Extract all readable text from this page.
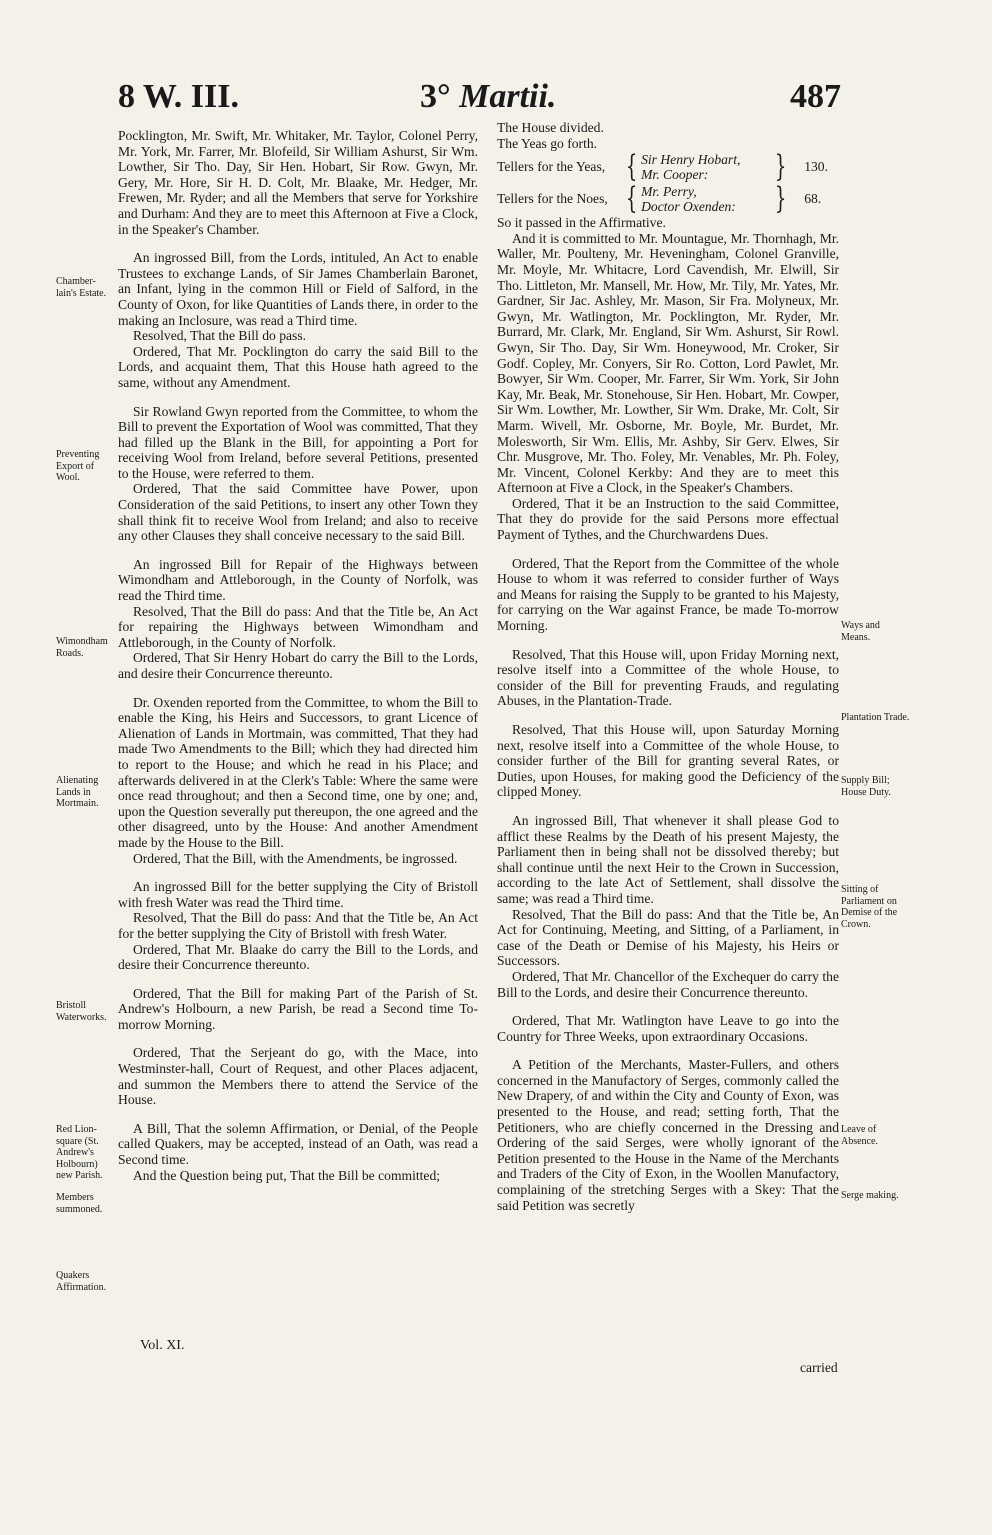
8 W. III.	3° Martii.	487
Chamber-lain's Estate.
Preventing Export of Wool.
Wimondham Roads.
Alienating Lands in Mortmain.
Bristoll Waterworks.
Red Lion-square (St. Andrew's Holbourn) new Parish.
Members summoned.
Quakers Affirmation.
Ways and Means.
Plantation Trade.
Supply Bill; House Duty.
Sitting of Parliament on Demise of the Crown.
Leave of Absence.
Serge making.

Pocklington, Mr. Swift, Mr. Whitaker, Mr. Taylor, Colonel Perry, Mr. York, Mr. Farrer, Mr. Blofeild, Sir William Ashurst, Sir Wm. Lowther, Sir Tho. Day, Sir Hen. Hobart, Sir Row. Gwyn, Mr. Gery, Mr. Hore, Sir H. D. Colt, Mr. Blaake, Mr. Hedger, Mr. Frewen, Mr. Ryder; and all the Members that serve for Yorkshire and Durham: And they are to meet this Afternoon at Five a Clock, in the Speaker's Chamber.

An ingrossed Bill, from the Lords, intituled, An Act to enable Trustees to exchange Lands, of Sir James Chamberlain Baronet, an Infant, lying in the common Hill or Field of Salford, in the County of Oxon, for like Quantities of Lands there, in order to the making an Inclosure, was read a Third time.

Resolved, That the Bill do pass.

Ordered, That Mr. Pocklington do carry the said Bill to the Lords, and acquaint them, That this House hath agreed to the same, without any Amendment.

Sir Rowland Gwyn reported from the Committee, to whom the Bill to prevent the Exportation of Wool was committed, That they had filled up the Blank in the Bill, for appointing a Port for receiving Wool from Ireland, before several Petitions, presented to the House, were referred to them.

Ordered, That the said Committee have Power, upon Consideration of the said Petitions, to insert any other Town they shall think fit to receive Wool from Ireland; and also to receive any other Clauses they shall conceive necessary to the said Bill.

An ingrossed Bill for Repair of the Highways between Wimondham and Attleborough, in the County of Norfolk, was read the Third time.

Resolved, That the Bill do pass: And that the Title be, An Act for repairing the Highways between Wimondham and Attleborough, in the County of Norfolk.

Ordered, That Sir Henry Hobart do carry the Bill to the Lords, and desire their Concurrence thereunto.

Dr. Oxenden reported from the Committee, to whom the Bill to enable the King, his Heirs and Successors, to grant Licence of Alienation of Lands in Mortmain, was committed, That they had made Two Amendments to the Bill; which they had directed him to report to the House; and which he read in his Place; and afterwards delivered in at the Clerk's Table: Where the same were once read throughout; and then a Second time, one by one; and, upon the Question severally put thereupon, the one agreed and the other disagreed, unto by the House: And another Amendment made by the House to the Bill.

Ordered, That the Bill, with the Amendments, be ingrossed.

An ingrossed Bill for the better supplying the City of Bristoll with fresh Water was read the Third time.

Resolved, That the Bill do pass: And that the Title be, An Act for the better supplying the City of Bristoll with fresh Water.

Ordered, That Mr. Blaake do carry the Bill to the Lords, and desire their Concurrence thereunto.

Ordered, That the Bill for making Part of the Parish of St. Andrew's Holbourn, a new Parish, be read a Second time To-morrow Morning.

Ordered, That the Serjeant do go, with the Mace, into Westminster-hall, Court of Request, and other Places adjacent, and summon the Members there to attend the Service of the House.

A Bill, That the solemn Affirmation, or Denial, of the People called Quakers, may be accepted, instead of an Oath, was read a Second time.

And the Question being put, That the Bill be committed;

The House divided.

The Yeas go forth.

Tellers for the Yeas, { Sir Henry Hobart,
Mr. Cooper:	} 130.
Tellers for the Noes, { Mr. Perry,
Doctor Oxenden:	} 68.

So it passed in the Affirmative.

And it is committed to Mr. Mountague, Mr. Thornhagh, Mr. Waller, Mr. Poulteny, Mr. Heveningham, Colonel Granville, Mr. Moyle, Mr. Whitacre, Lord Cavendish, Mr. Elwill, Sir Tho. Littleton, Mr. Mansell, Mr. How, Mr. Tily, Mr. Yates, Mr. Gardner, Sir Jac. Ashley, Mr. Mason, Sir Fra. Molyneux, Mr. Gwyn, Mr. Watlington, Mr. Pocklington, Mr. Ryder, Mr. Burrard, Mr. Clark, Mr. England, Sir Wm. Ashurst, Sir Rowl. Gwyn, Sir Tho. Day, Sir Wm. Honeywood, Mr. Croker, Sir Godf. Copley, Mr. Conyers, Sir Ro. Cotton, Lord Pawlet, Mr. Bowyer, Sir Wm. Cooper, Mr. Farrer, Sir Wm. York, Sir John Kay, Mr. Beak, Mr. Stonehouse, Sir Hen. Hobart, Mr. Cowper, Sir Wm. Lowther, Mr. Lowther, Sir Wm. Drake, Mr. Colt, Sir Marm. Wivell, Mr. Osborne, Mr. Boyle, Mr. Burdet, Mr. Molesworth, Sir Wm. Ellis, Mr. Ashby, Sir Gerv. Elwes, Sir Chr. Musgrove, Mr. Tho. Foley, Mr. Venables, Mr. Ph. Foley, Mr. Vincent, Colonel Kerkby: And they are to meet this Afternoon at Five a Clock, in the Speaker's Chambers.

Ordered, That it be an Instruction to the said Committee, That they do provide for the said Persons more effectual Payment of Tythes, and the Churchwardens Dues.

Ordered, That the Report from the Committee of the whole House to whom it was referred to consider further of Ways and Means for raising the Supply to be granted to his Majesty, for carrying on the War against France, be made To-morrow Morning.

Resolved, That this House will, upon Friday Morning next, resolve itself into a Committee of the whole House, to consider of the Bill for preventing Frauds, and regulating Abuses, in the Plantation-Trade.

Resolved, That this House will, upon Saturday Morning next, resolve itself into a Committee of the whole House, to consider further of the Bill for granting several Rates, or Duties, upon Houses, for making good the Deficiency of the clipped Money.

An ingrossed Bill, That whenever it shall please God to afflict these Realms by the Death of his present Majesty, the Parliament then in being shall not be dissolved thereby; but shall continue until the next Heir to the Crown in Succession, according to the late Act of Settlement, shall dissolve the same; was read a Third time.

Resolved, That the Bill do pass: And that the Title be, An Act for Continuing, Meeting, and Sitting, of a Parliament, in case of the Death or Demise of his Majesty, his Heirs or Successors.

Ordered, That Mr. Chancellor of the Exchequer do carry the Bill to the Lords, and desire their Concurrence thereunto.

Ordered, That Mr. Watlington have Leave to go into the Country for Three Weeks, upon extraordinary Occasions.

A Petition of the Merchants, Master-Fullers, and others concerned in the Manufactory of Serges, commonly called the New Drapery, of and within the City and County of Exon, was presented to the House, and read; setting forth, That the Petitioners, who are chiefly concerned in the Dressing and Ordering of the said Serges, were wholly ignorant of the Petition presented to the House in the Name of the Merchants and Traders of the City of Exon, in the Woollen Manufactory, complaining of the stretching Serges with a Skey: That the said Petition was secretly

Vol. XI.
carried
